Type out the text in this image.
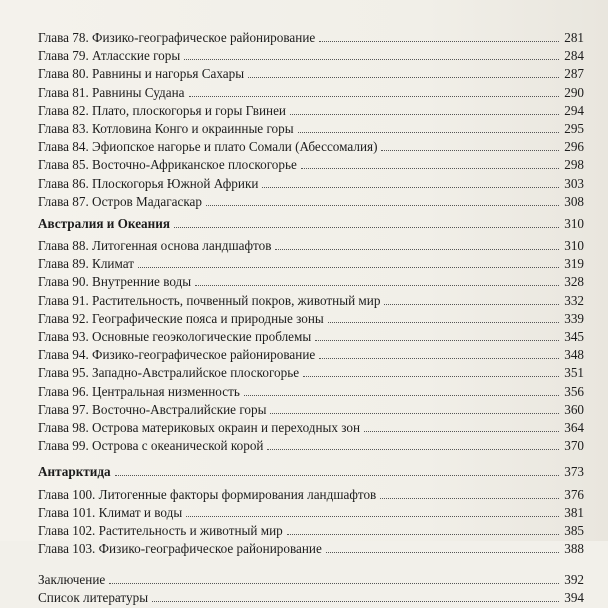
Глава 78. Физико-географическое районирование	281
Глава 79. Атласские горы	284
Глава 80. Равнины и нагорья Сахары	287
Глава 81. Равнины Судана	290
Глава 82. Плато, плоскогорья и горы Гвинеи	294
Глава 83. Котловина Конго и окраинные горы	295
Глава 84. Эфиопское нагорье и плато Сомали (Абессомалия)	296
Глава 85. Восточно-Африканское плоскогорье	298
Глава 86. Плоскогорья Южной Африки	303
Глава 87. Остров Мадагаскар	308
Австралия и Океания	310
Глава 88. Литогенная основа ландшафтов	310
Глава 89. Климат	319
Глава 90. Внутренние воды	328
Глава 91. Растительность, почвенный покров, животный мир	332
Глава 92. Географические пояса и природные зоны	339
Глава 93. Основные геоэкологические проблемы	345
Глава 94. Физико-географическое районирование	348
Глава 95. Западно-Австралийское плоскогорье	351
Глава 96. Центральная низменность	356
Глава 97. Восточно-Австралийские горы	360
Глава 98. Острова материковых окраин и переходных зон	364
Глава 99. Острова с океанической корой	370
Антарктида	373
Глава 100. Литогенные факторы формирования ландшафтов	376
Глава 101. Климат и воды	381
Глава 102. Растительность и животный мир	385
Глава 103. Физико-географическое районирование	388
Заключение	392
Список литературы	394
